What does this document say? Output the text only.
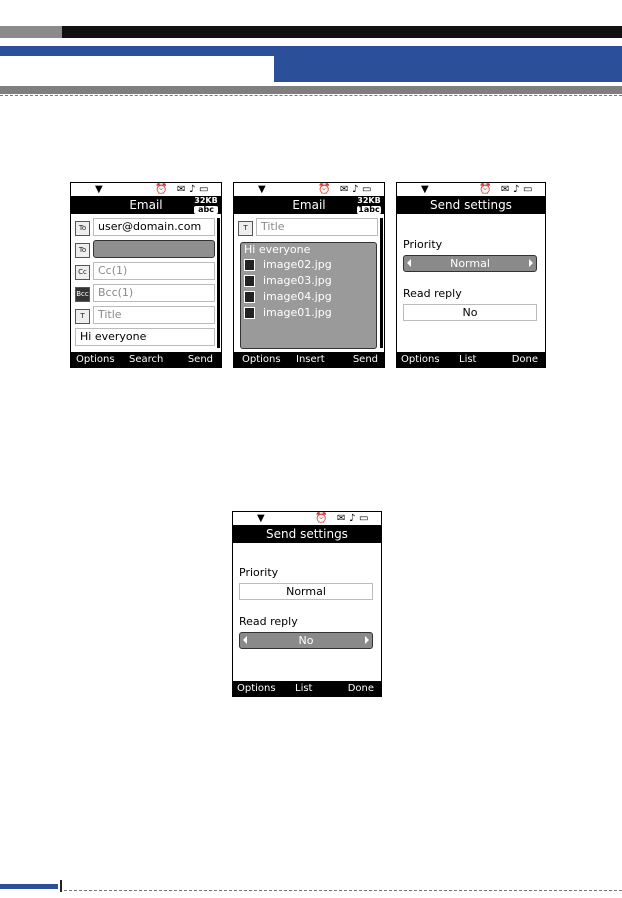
▼	⏰ ✉ ♪ ▭
Email	32KB
abc
To	user@domain.com
To
Cc	Cc(1)
Bcc Bcc(1)
T	Title
Hi everyone
Options Search Send
▼	⏰ ✉ ♪ ▭
Email	32KB
1abc
T	Title
Hi everyone
image02.jpg
image03.jpg
image04.jpg
image01.jpg
Options Insert	Send
▼	⏰ ✉ ♪ ▭
Send settings
Priority
Normal
Read reply
No
Options List	Done
▼	⏰ ✉ ♪ ▭
Send settings
Priority
Normal
Read reply
No
Options List	Done
